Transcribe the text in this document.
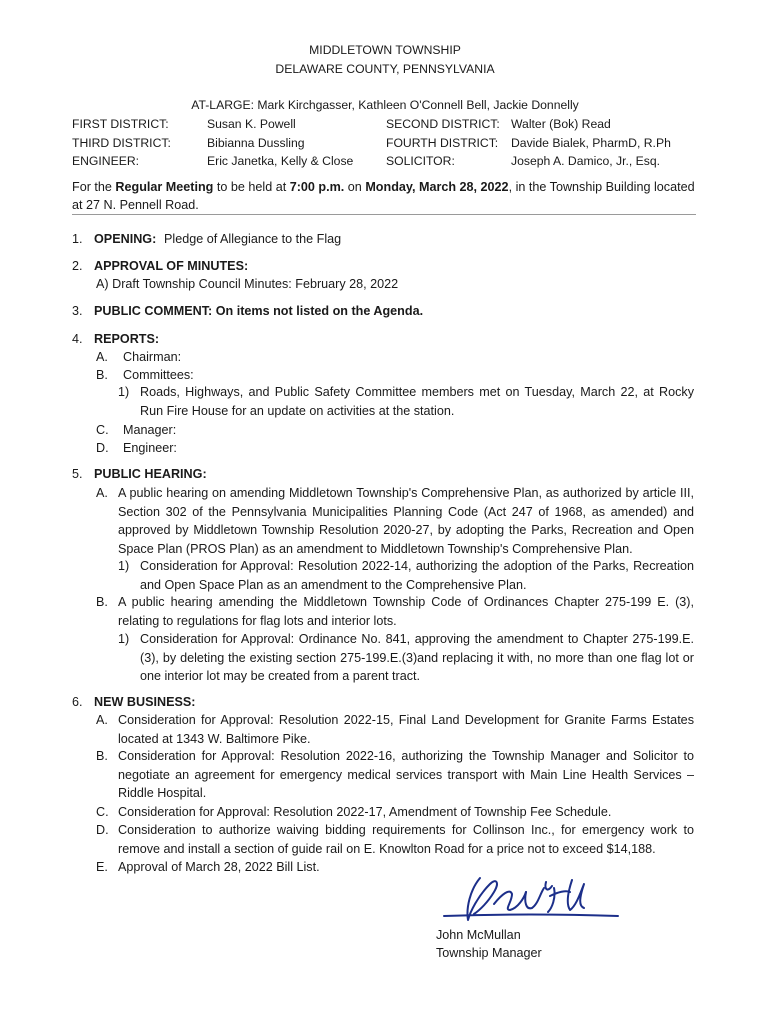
MIDDLETOWN TOWNSHIP
DELAWARE COUNTY, PENNSYLVANIA
AT-LARGE: Mark Kirchgasser, Kathleen O'Connell Bell, Jackie Donnelly
FIRST DISTRICT:	Susan K. Powell	SECOND DISTRICT: Walter (Bok) Read
THIRD DISTRICT:	Bibianna Dussling	FOURTH DISTRICT: Davide Bialek, PharmD, R.Ph
ENGINEER:	Eric Janetka, Kelly & Close	SOLICITOR:	Joseph A. Damico, Jr., Esq.
For the Regular Meeting to be held at 7:00 p.m. on Monday, March 28, 2022, in the Township Building located at 27 N. Pennell Road.
1. OPENING: Pledge of Allegiance to the Flag
2. APPROVAL OF MINUTES:
A) Draft Township Council Minutes: February 28, 2022
3. PUBLIC COMMENT: On items not listed on the Agenda.
4. REPORTS:
A. Chairman:
B. Committees:
1) Roads, Highways, and Public Safety Committee members met on Tuesday, March 22, at Rocky Run Fire House for an update on activities at the station.
C. Manager:
D. Engineer:
5. PUBLIC HEARING:
A. A public hearing on amending Middletown Township's Comprehensive Plan, as authorized by article III, Section 302 of the Pennsylvania Municipalities Planning Code (Act 247 of 1968, as amended) and approved by Middletown Township Resolution 2020-27, by adopting the Parks, Recreation and Open Space Plan (PROS Plan) as an amendment to Middletown Township's Comprehensive Plan.
1) Consideration for Approval: Resolution 2022-14, authorizing the adoption of the Parks, Recreation and Open Space Plan as an amendment to the Comprehensive Plan.
B. A public hearing amending the Middletown Township Code of Ordinances Chapter 275-199 E. (3), relating to regulations for flag lots and interior lots.
1) Consideration for Approval: Ordinance No. 841, approving the amendment to Chapter 275-199.E.(3), by deleting the existing section 275-199.E.(3)and replacing it with, no more than one flag lot or one interior lot may be created from a parent tract.
6. NEW BUSINESS:
A. Consideration for Approval: Resolution 2022-15, Final Land Development for Granite Farms Estates located at 1343 W. Baltimore Pike.
B. Consideration for Approval: Resolution 2022-16, authorizing the Township Manager and Solicitor to negotiate an agreement for emergency medical services transport with Main Line Health Services – Riddle Hospital.
C. Consideration for Approval: Resolution 2022-17, Amendment of Township Fee Schedule.
D. Consideration to authorize waiving bidding requirements for Collinson Inc., for emergency work to remove and install a section of guide rail on E. Knowlton Road for a price not to exceed $14,188.
E. Approval of March 28, 2022 Bill List.
John McMullan
Township Manager
